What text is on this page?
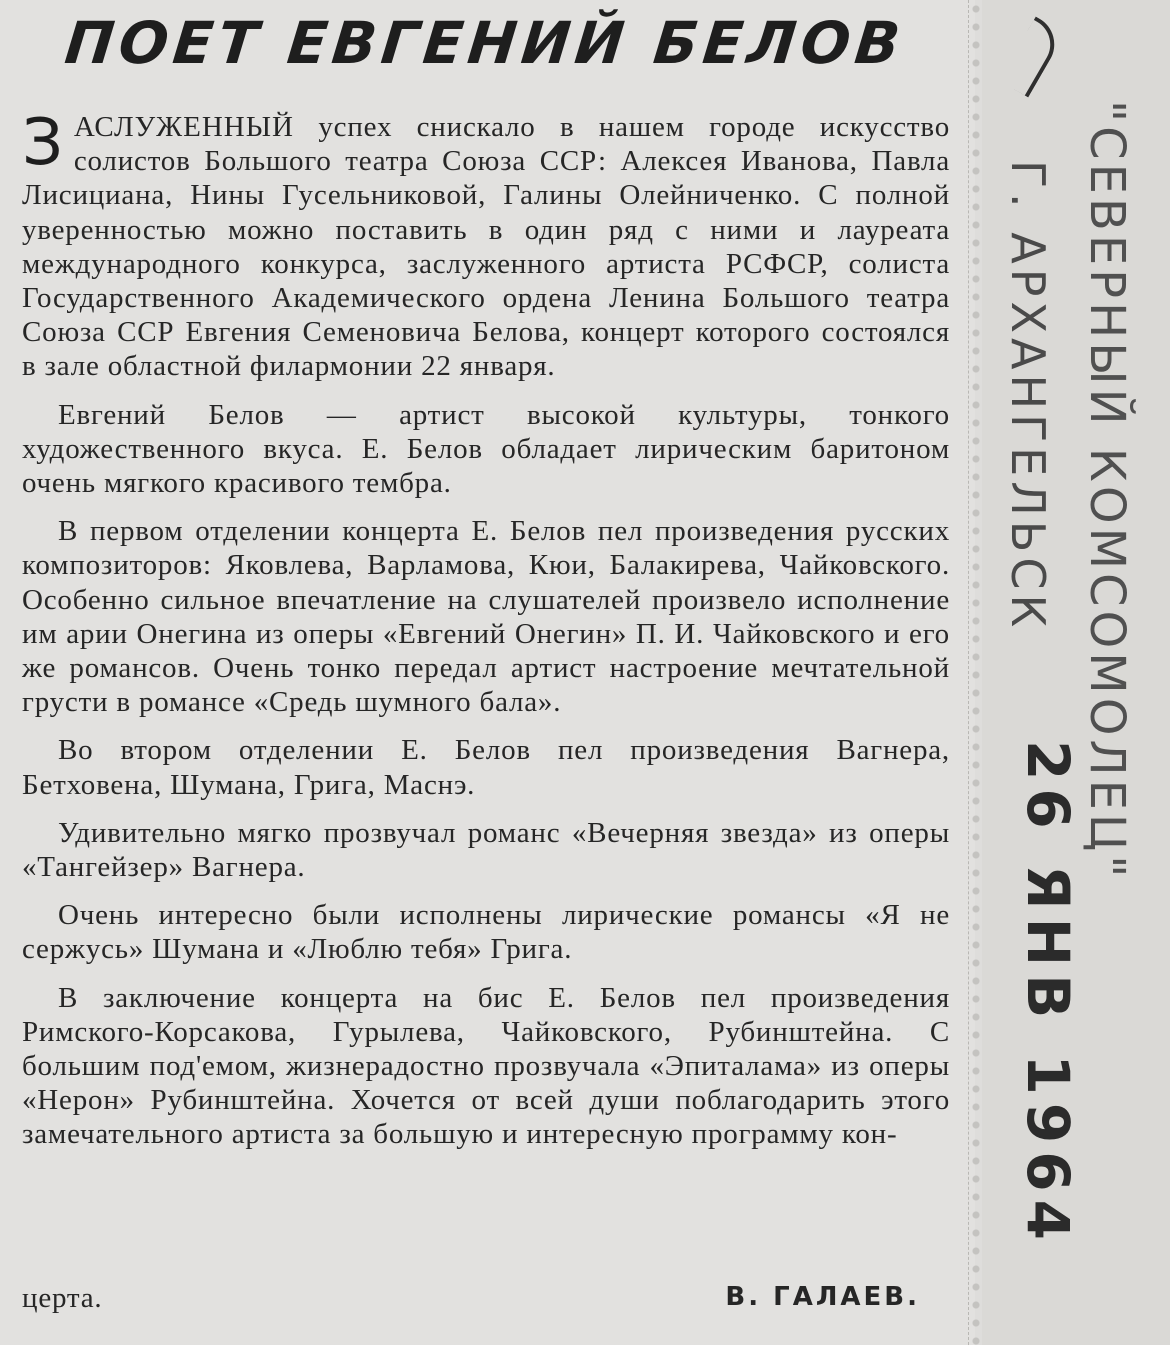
ПОЕТ ЕВГЕНИЙ БЕЛОВ

ЗАСЛУЖЕННЫЙ успех снискало в нашем городе искусство солистов Большого театра Союза ССР: Алексея Иванова, Павла Лисициана, Нины Гусельниковой, Галины Олейниченко. С полной уверенностью можно поставить в один ряд с ними и лауреата международного конкурса, заслуженного артиста РСФСР, солиста Государственного Академического ордена Ленина Большого театра Союза ССР Евгения Семеновича Белова, концерт которого состоялся в зале областной филармонии 22 января.

Евгений Белов — артист высокой культуры, тонкого художественного вкуса. Е. Белов обладает лирическим баритоном очень мягкого красивого тембра.

В первом отделении концерта Е. Белов пел произведения русских композиторов: Яковлева, Варламова, Кюи, Балакирева, Чайковского. Особенно сильное впечатление на слушателей произвело исполнение им арии Онегина из оперы «Евгений Онегин» П. И. Чайковского и его же романсов. Очень тонко передал артист настроение мечтательной грусти в романсе «Средь шумного бала».

Во втором отделении Е. Белов пел произведения Вагнера, Бетховена, Шумана, Грига, Маснэ.

Удивительно мягко прозвучал романс «Вечерняя звезда» из оперы «Тангейзер» Вагнера.

Очень интересно были исполнены лирические романсы «Я не сержусь» Шумана и «Люблю тебя» Грига.

В заключение концерта на бис Е. Белов пел произведения Римского-Корсакова, Гурылева, Чайковского, Рубинштейна. С большим под'емом, жизнерадостно прозвучала «Эпиталама» из оперы «Нерон» Рубинштейна. Хочется от всей души поблагодарить этого замечательного артиста за большую и интересную программу кон-

церта.	В. ГАЛАЕВ.
"СЕВЕРНЫЙ КОМСОМОЛЕЦ"
Г. АРХАНГЕЛЬСК
26 ЯНВ 1964
